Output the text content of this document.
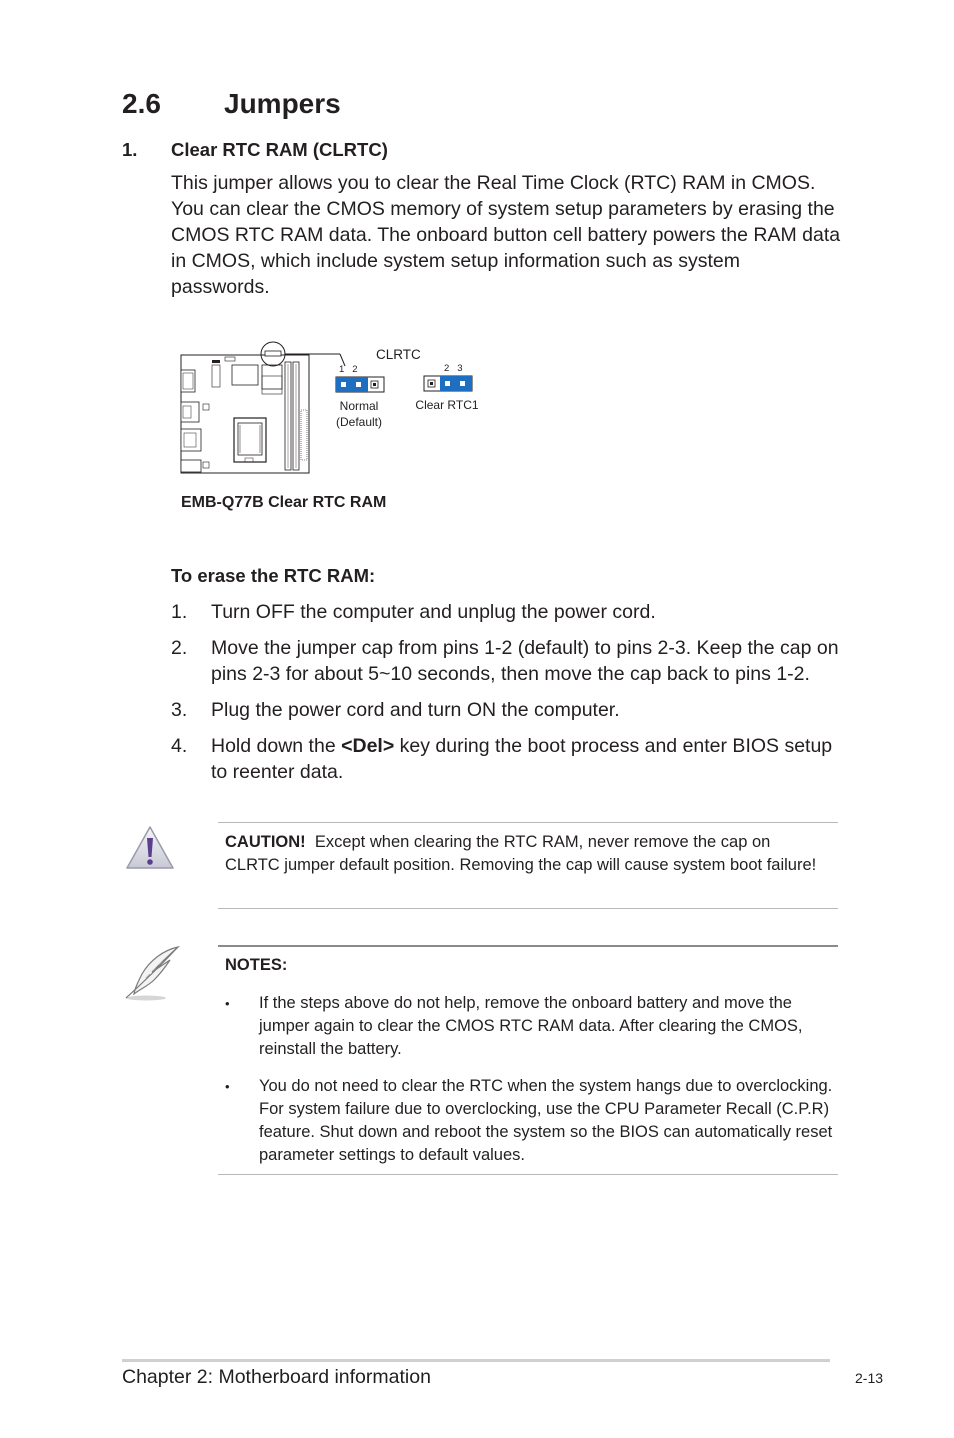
2.6 Jumpers
1. Clear RTC RAM (CLRTC)
This jumper allows you to clear the Real Time Clock (RTC) RAM in CMOS. You can clear the CMOS memory of system setup parameters by erasing the CMOS RTC RAM data. The onboard button cell battery powers the RAM data in CMOS, which include system setup information such as system passwords.
CLRTC
1   2
Normal
(Default)
2   3
Clear RTC1
EMB-Q77B Clear RTC RAM
To erase the RTC RAM:
1. Turn OFF the computer and unplug the power cord.
2. Move the jumper cap from pins 1-2 (default) to pins 2-3. Keep the cap on pins 2-3 for about 5~10 seconds, then move the cap back to pins 1-2.
3. Plug the power cord and turn ON the computer.
4. Hold down the <Del> key during the boot process and enter BIOS setup to reenter data.
CAUTION!  Except when clearing the RTC RAM, never remove the cap on CLRTC jumper default position. Removing the cap will cause system boot failure!
NOTES:
• If the steps above do not help, remove the onboard battery and move the jumper again to clear the CMOS RTC RAM data. After clearing the CMOS, reinstall the battery.
• You do not need to clear the RTC when the system hangs due to overclocking. For system failure due to overclocking, use the CPU Parameter Recall (C.P.R) feature. Shut down and reboot the system so the BIOS can automatically reset parameter settings to default values.
Chapter 2: Motherboard information	2-13
